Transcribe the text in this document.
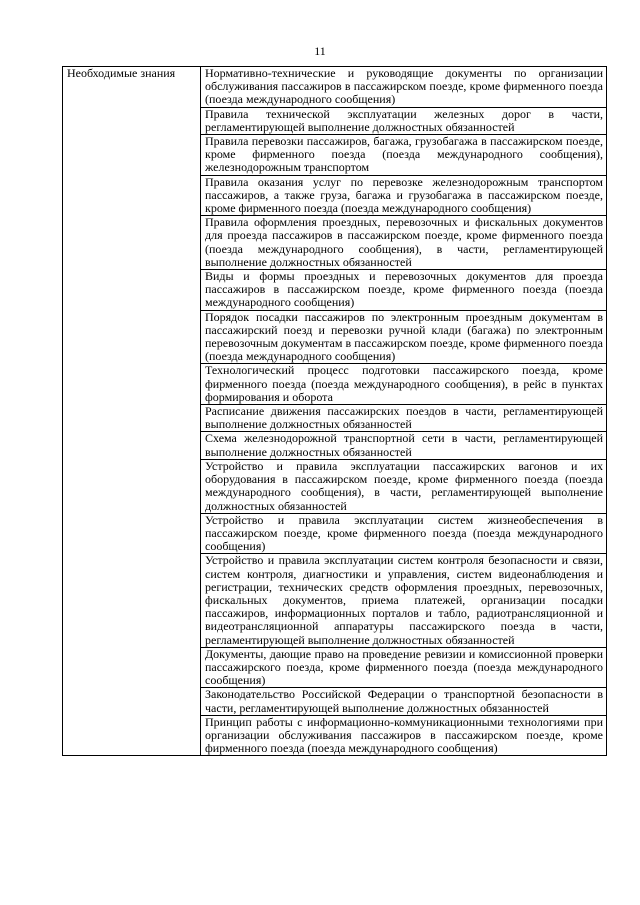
11
Необходимые знания	Нормативно-технические и руководящие документы по организации обслуживания пассажиров в пассажирском поезде, кроме фирменного поезда (поезда международного сообщения)
Правила технической эксплуатации железных дорог в части, регламентирующей выполнение должностных обязанностей
Правила перевозки пассажиров, багажа, грузобагажа в пассажирском поезде, кроме фирменного поезда (поезда международного сообщения), железнодорожным транспортом
Правила оказания услуг по перевозке железнодорожным транспортом пассажиров, а также груза, багажа и грузобагажа в пассажирском поезде, кроме фирменного поезда (поезда международного сообщения)
Правила оформления проездных, перевозочных и фискальных документов для проезда пассажиров в пассажирском поезде, кроме фирменного поезда (поезда международного сообщения), в части, регламентирующей выполнение должностных обязанностей
Виды и формы проездных и перевозочных документов для проезда пассажиров в пассажирском поезде, кроме фирменного поезда (поезда международного сообщения)
Порядок посадки пассажиров по электронным проездным документам в пассажирский поезд и перевозки ручной клади (багажа) по электронным перевозочным документам в пассажирском поезде, кроме фирменного поезда (поезда международного сообщения)
Технологический процесс подготовки пассажирского поезда, кроме фирменного поезда (поезда международного сообщения), в рейс в пунктах формирования и оборота
Расписание движения пассажирских поездов в части, регламентирующей выполнение должностных обязанностей
Схема железнодорожной транспортной сети в части, регламентирующей выполнение должностных обязанностей
Устройство и правила эксплуатации пассажирских вагонов и их оборудования в пассажирском поезде, кроме фирменного поезда (поезда международного сообщения), в части, регламентирующей выполнение должностных обязанностей
Устройство и правила эксплуатации систем жизнеобеспечения в пассажирском поезде, кроме фирменного поезда (поезда международного сообщения)
Устройство и правила эксплуатации систем контроля безопасности и связи, систем контроля, диагностики и управления, систем видеонаблюдения и регистрации, технических средств оформления проездных, перевозочных, фискальных документов, приема платежей, организации посадки пассажиров, информационных порталов и табло, радиотрансляционной и видеотрансляционной аппаратуры пассажирского поезда в части, регламентирующей выполнение должностных обязанностей
Документы, дающие право на проведение ревизии и комиссионной проверки пассажирского поезда, кроме фирменного поезда (поезда международного сообщения)
Законодательство Российской Федерации о транспортной безопасности в части, регламентирующей выполнение должностных обязанностей
Принцип работы с информационно-коммуникационными технологиями при организации обслуживания пассажиров в пассажирском поезде, кроме фирменного поезда (поезда международного сообщения)
